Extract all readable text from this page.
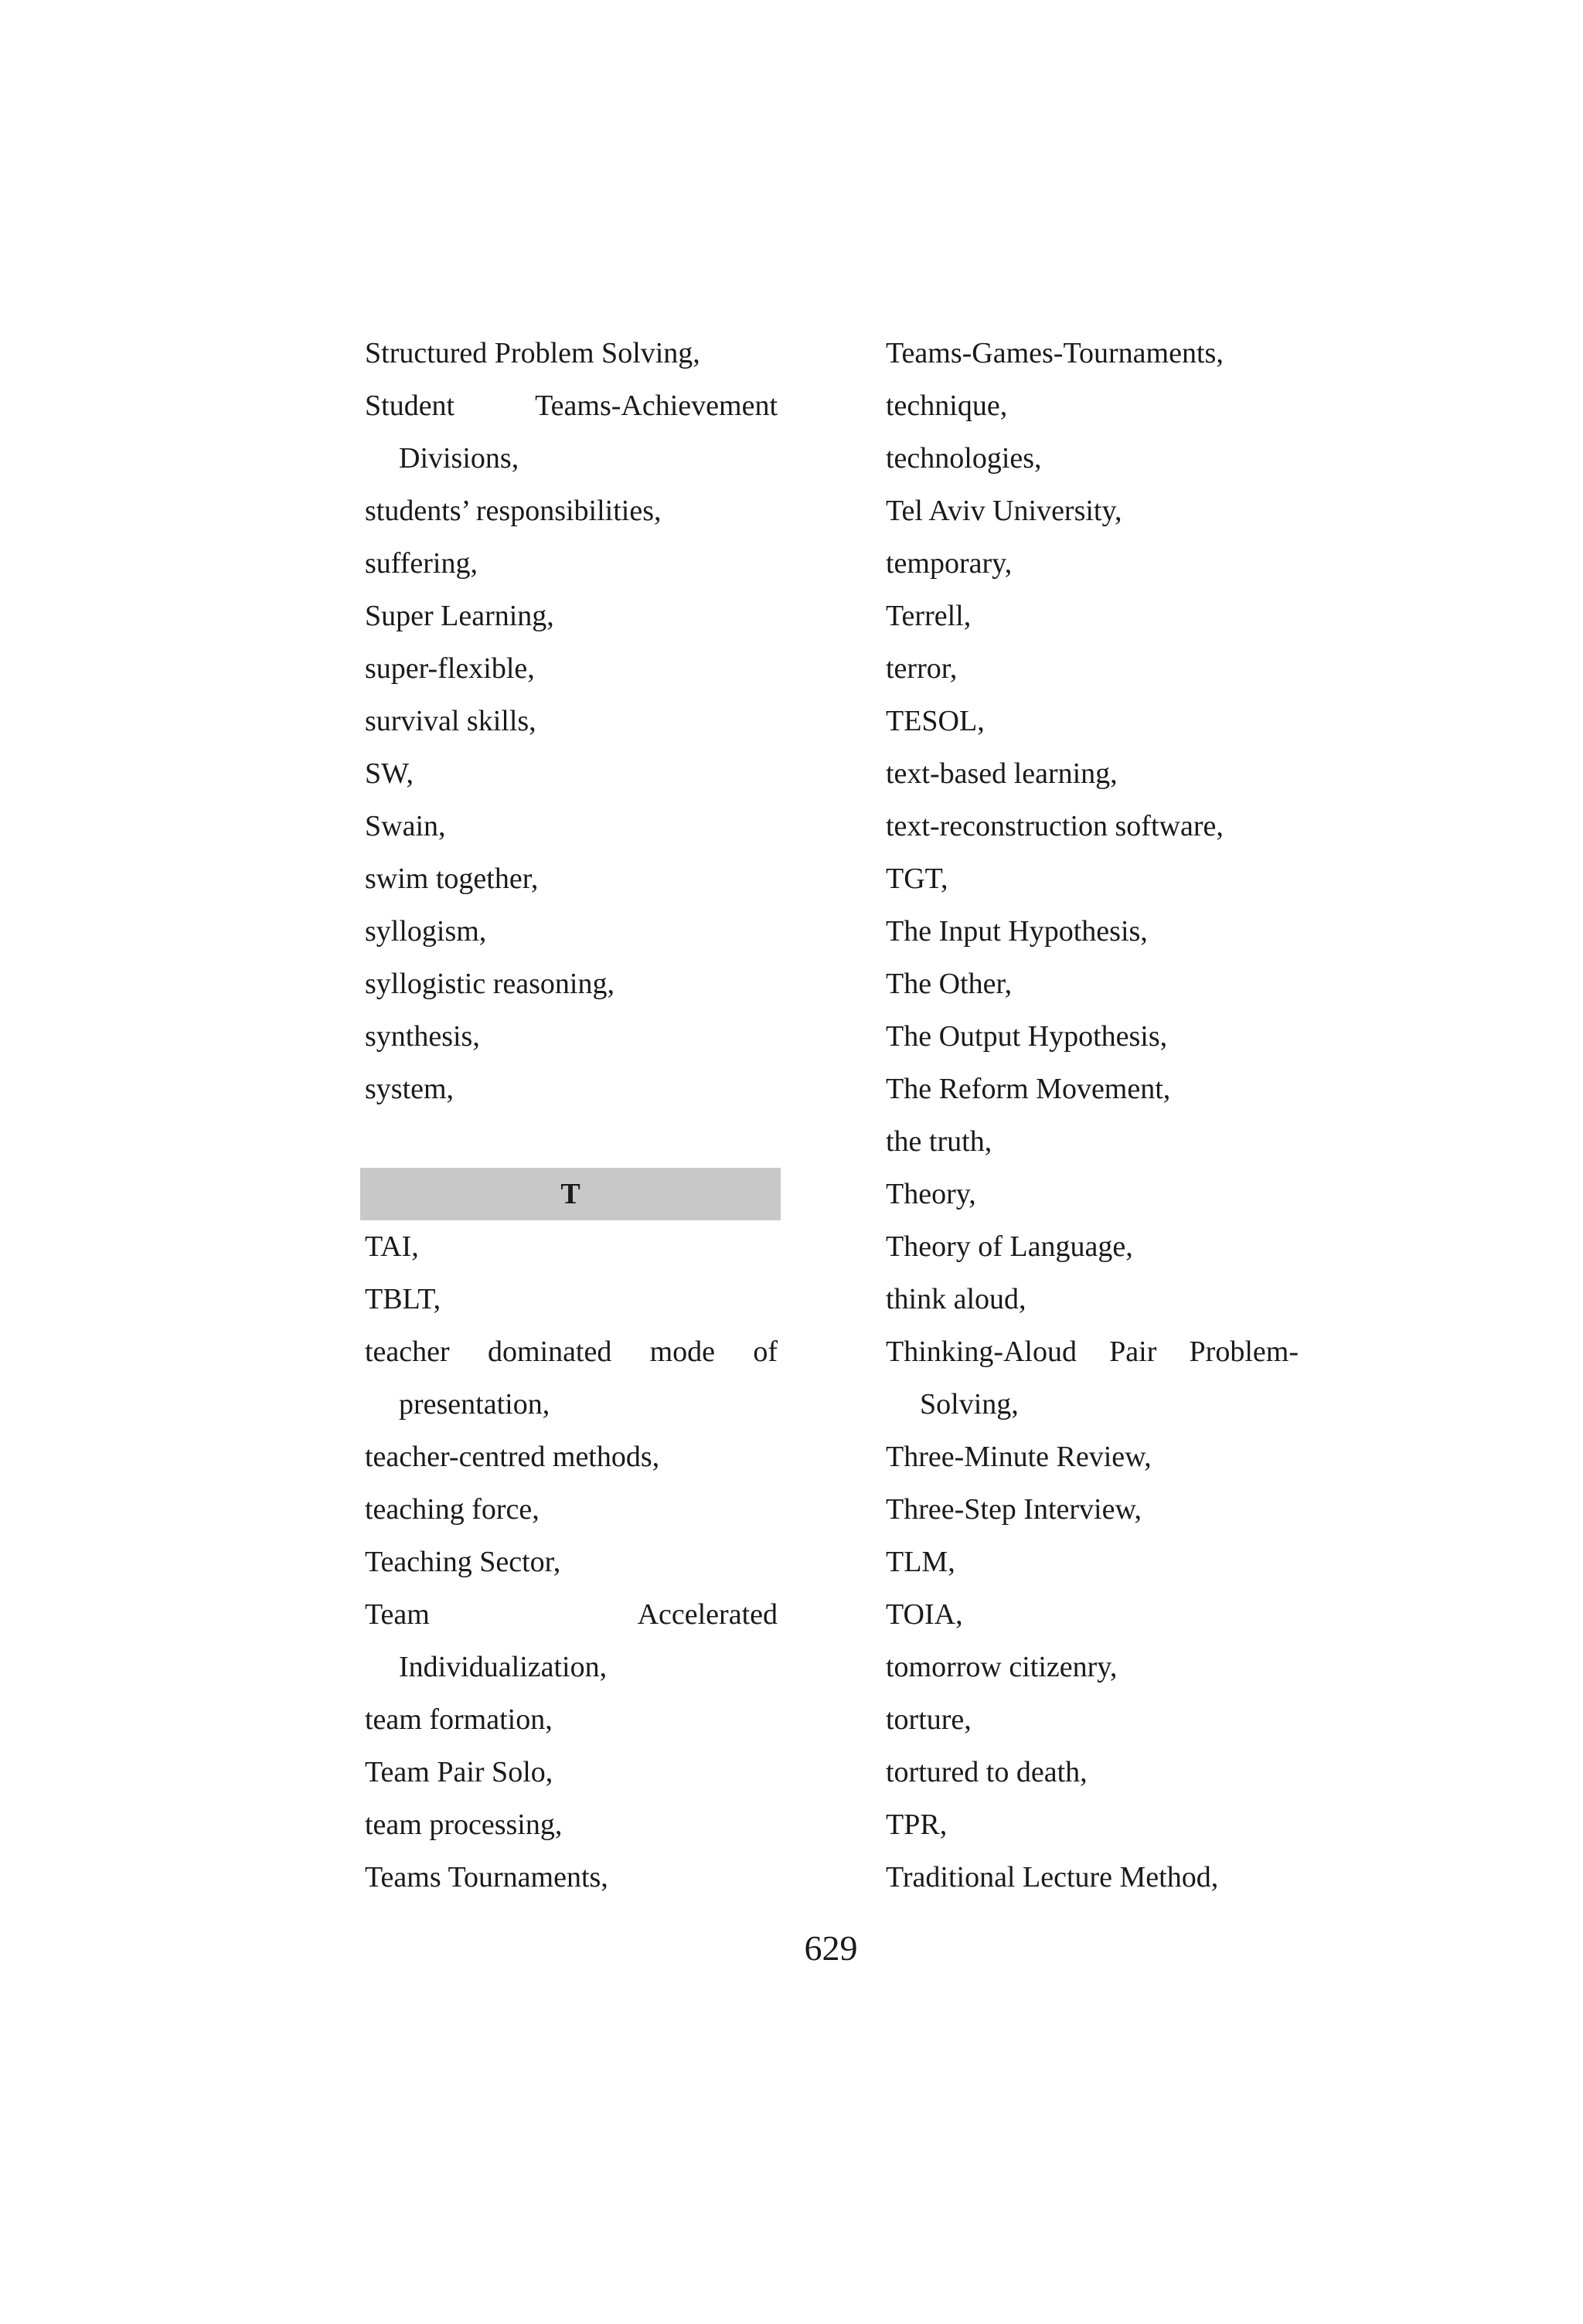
Structured Problem Solving,
Student	Teams-Achievement
Divisions,
students’ responsibilities,
suffering,
Super Learning,
super-flexible,
survival skills,
SW,
Swain,
swim together,
syllogism,
syllogistic reasoning,
synthesis,
system,
T
TAI,
TBLT,
teacher dominated mode of
presentation,
teacher-centred methods,
teaching force,
Teaching Sector,
Team	Accelerated
Individualization,
team formation,
Team Pair Solo,
team processing,
Teams Tournaments,
Teams-Games-Tournaments,
technique,
technologies,
Tel Aviv University,
temporary,
Terrell,
terror,
TESOL,
text-based learning,
text-reconstruction software,
TGT,
The Input Hypothesis,
The Other,
The Output Hypothesis,
The Reform Movement,
the truth,
Theory,
Theory of Language,
think aloud,
Thinking-Aloud Pair Problem-
Solving,
Three-Minute Review,
Three-Step Interview,
TLM,
TOIA,
tomorrow citizenry,
torture,
tortured to death,
TPR,
Traditional Lecture Method,
629
